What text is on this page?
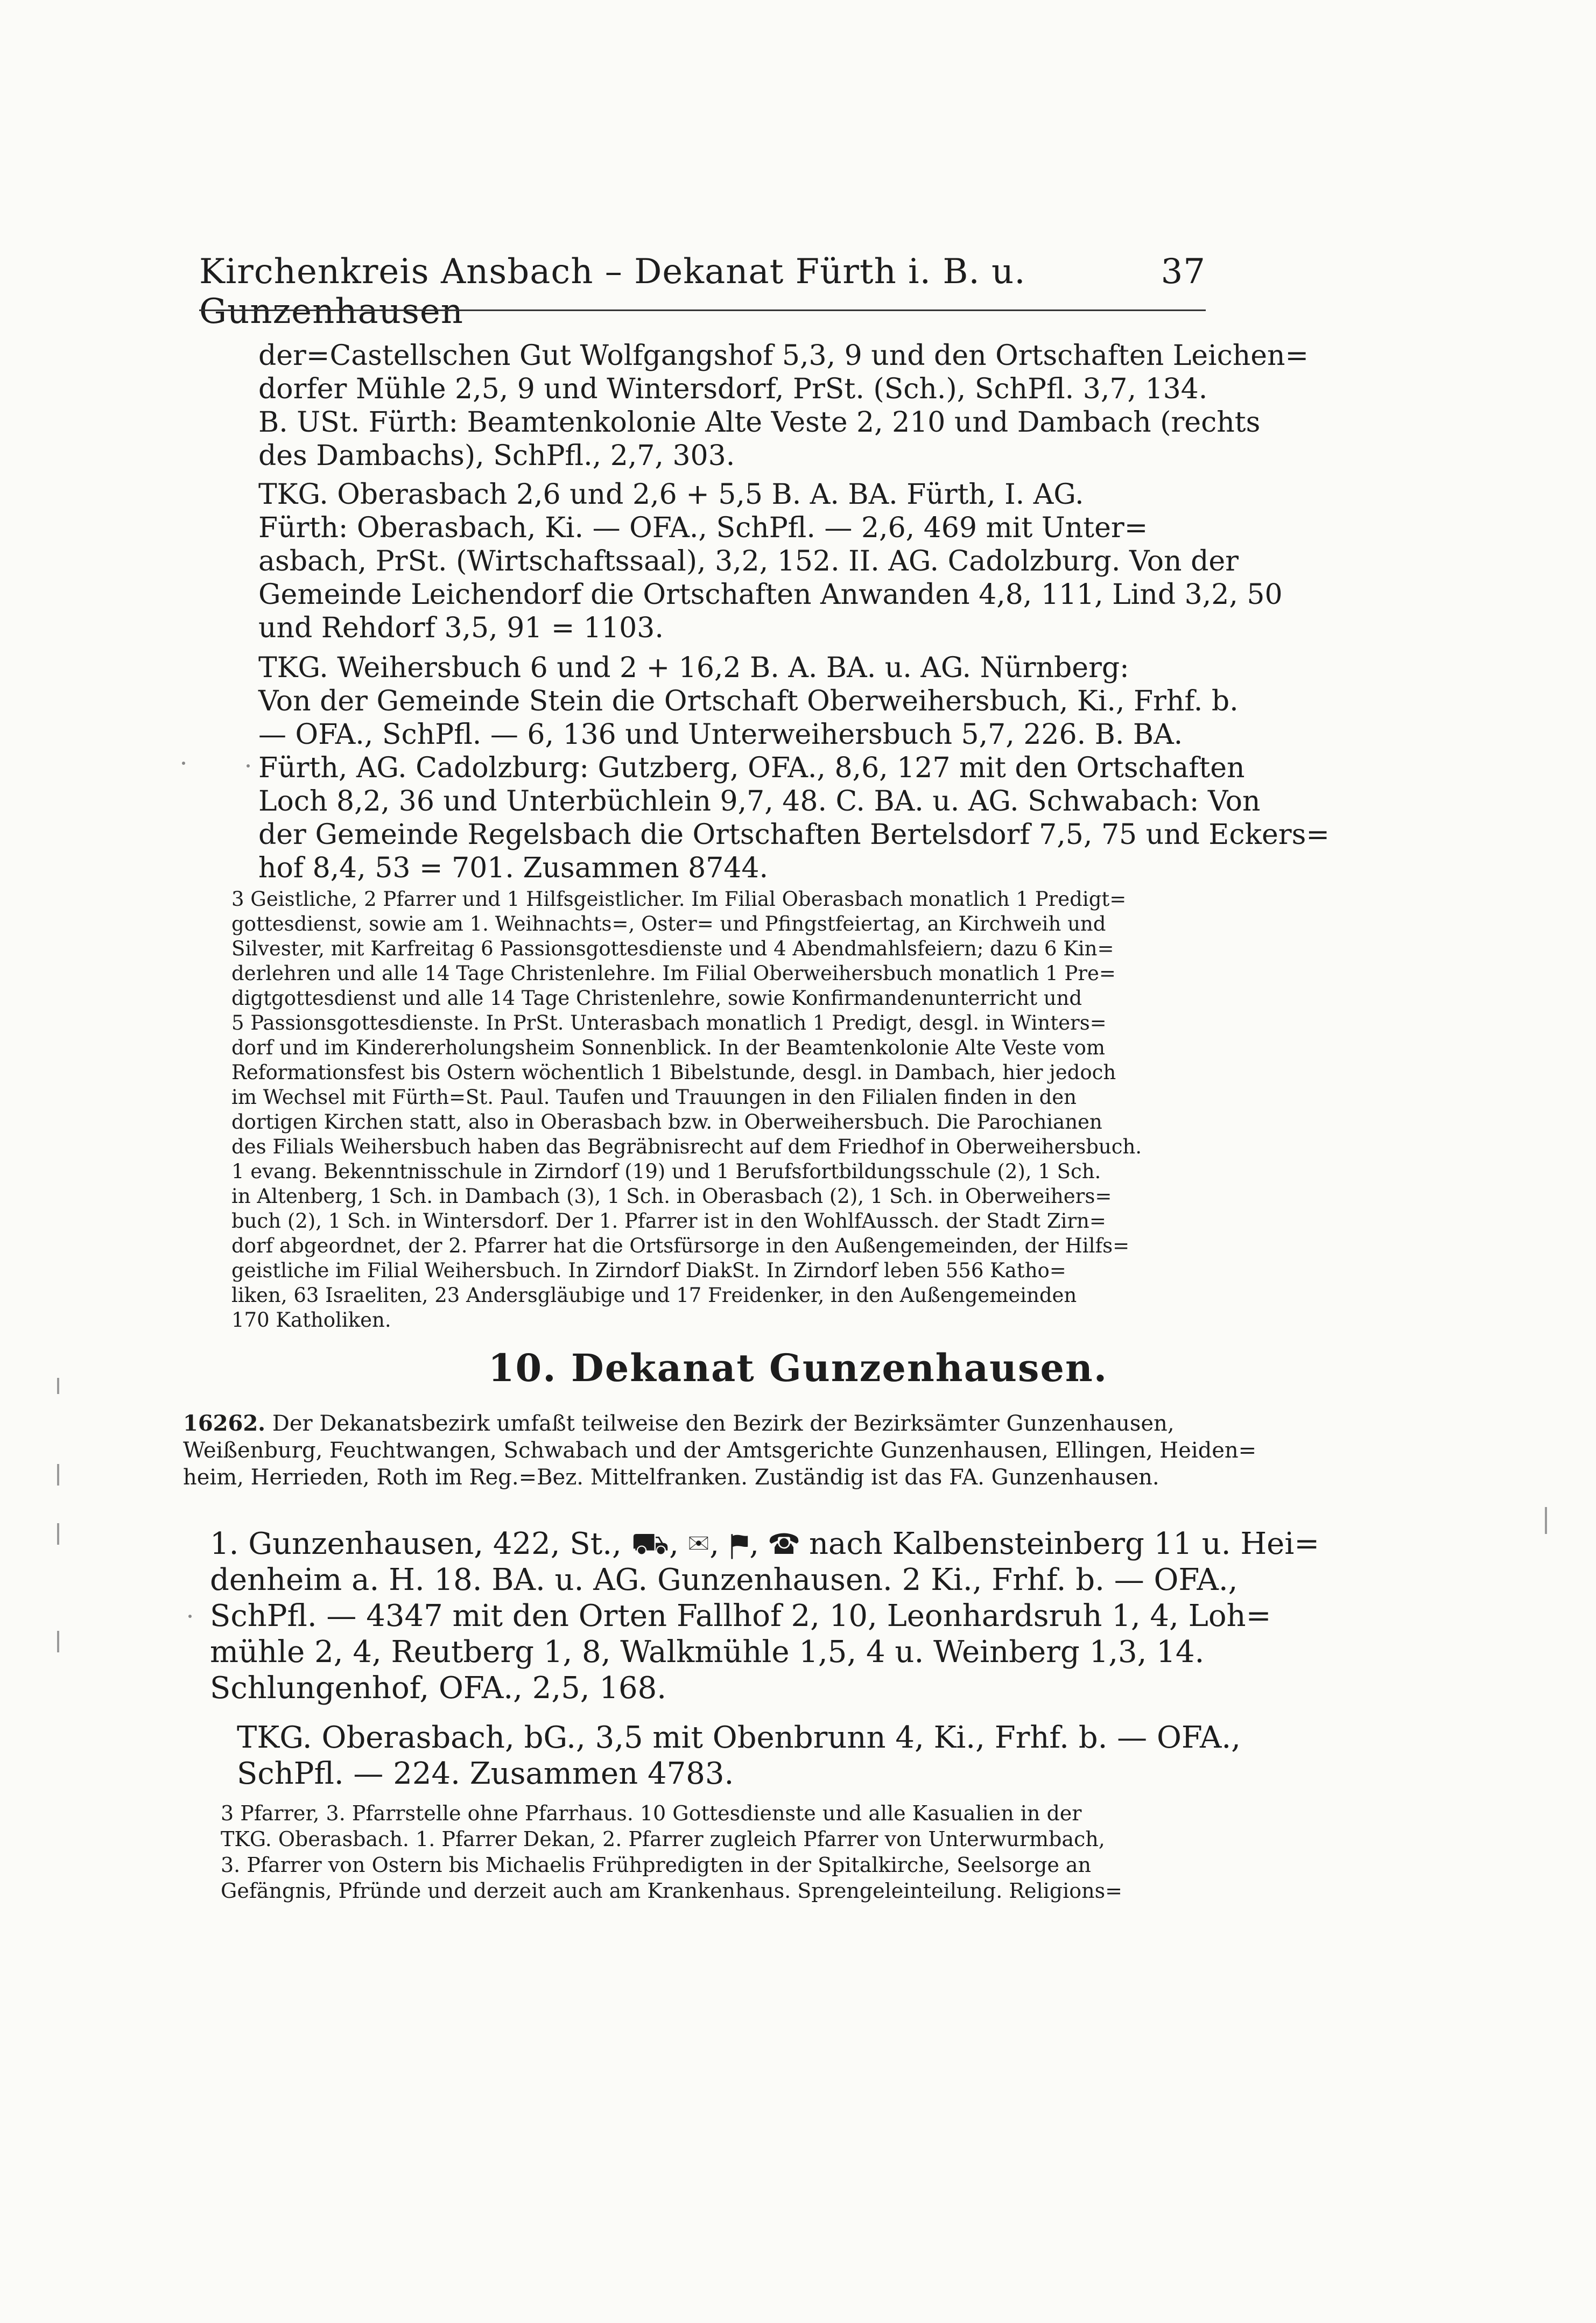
Kirchenkreis Ansbach – Dekanat Fürth i. B. u. Gunzenhausen
37
der=Castellschen Gut Wolfgangshof 5,3, 9 und den Ortschaften Leichen=
dorfer Mühle 2,5, 9 und Wintersdorf, PrSt. (Sch.), SchPfl. 3,7, 134.
B. USt. Fürth: Beamtenkolonie Alte Veste 2, 210 und Dambach (rechts
des Dambachs), SchPfl., 2,7, 303.
TKG. Oberasbach 2,6 und 2,6 + 5,5 B. A. BA. Fürth, I. AG.
Fürth: Oberasbach, Ki. — OFA., SchPfl. — 2,6, 469 mit Unter=
asbach, PrSt. (Wirtschaftssaal), 3,2, 152. II. AG. Cadolzburg. Von der
Gemeinde Leichendorf die Ortschaften Anwanden 4,8, 111, Lind 3,2, 50
und Rehdorf 3,5, 91 = 1103.
TKG. Weihersbuch 6 und 2 + 16,2 B. A. BA. u. AG. Nürnberg:
Von der Gemeinde Stein die Ortschaft Oberweihersbuch, Ki., Frhf. b.
— OFA., SchPfl. — 6, 136 und Unterweihersbuch 5,7, 226. B. BA.
Fürth, AG. Cadolzburg: Gutzberg, OFA., 8,6, 127 mit den Ortschaften
Loch 8,2, 36 und Unterbüchlein 9,7, 48. C. BA. u. AG. Schwabach: Von
der Gemeinde Regelsbach die Ortschaften Bertelsdorf 7,5, 75 und Eckers=
hof 8,4, 53 = 701. Zusammen 8744.
3 Geistliche, 2 Pfarrer und 1 Hilfsgeistlicher. Im Filial Oberasbach monatlich 1 Predigt=
gottesdienst, sowie am 1. Weihnachts=, Oster= und Pfingstfeiertag, an Kirchweih und
Silvester, mit Karfreitag 6 Passionsgottesdienste und 4 Abendmahlsfeiern; dazu 6 Kin=
derlehren und alle 14 Tage Christenlehre. Im Filial Oberweihersbuch monatlich 1 Pre=
digtgottesdienst und alle 14 Tage Christenlehre, sowie Konfirmandenunterricht und
5 Passionsgottesdienste. In PrSt. Unterasbach monatlich 1 Predigt, desgl. in Winters=
dorf und im Kindererholungsheim Sonnenblick. In der Beamtenkolonie Alte Veste vom
Reformationsfest bis Ostern wöchentlich 1 Bibelstunde, desgl. in Dambach, hier jedoch
im Wechsel mit Fürth=St. Paul. Taufen und Trauungen in den Filialen finden in den
dortigen Kirchen statt, also in Oberasbach bzw. in Oberweihersbuch. Die Parochianen
des Filials Weihersbuch haben das Begräbnisrecht auf dem Friedhof in Oberweihersbuch.
1 evang. Bekenntnisschule in Zirndorf (19) und 1 Berufsfortbildungsschule (2), 1 Sch.
in Altenberg, 1 Sch. in Dambach (3), 1 Sch. in Oberasbach (2), 1 Sch. in Oberweihers=
buch (2), 1 Sch. in Wintersdorf. Der 1. Pfarrer ist in den WohlfAussch. der Stadt Zirn=
dorf abgeordnet, der 2. Pfarrer hat die Ortsfürsorge in den Außengemeinden, der Hilfs=
geistliche im Filial Weihersbuch. In Zirndorf DiakSt. In Zirndorf leben 556 Katho=
liken, 63 Israeliten, 23 Andersgläubige und 17 Freidenker, in den Außengemeinden
170 Katholiken.
10. Dekanat Gunzenhausen.
16262. Der Dekanatsbezirk umfaßt teilweise den Bezirk der Bezirksämter Gunzenhausen,
Weißenburg, Feuchtwangen, Schwabach und der Amtsgerichte Gunzenhausen, Ellingen, Heiden=
heim, Herrieden, Roth im Reg.=Bez. Mittelfranken. Zuständig ist das FA. Gunzenhausen.
1. Gunzenhausen, 422, St., ⛟, ✉, ⚑, ☎ nach Kalbensteinberg 11 u. Hei=
denheim a. H. 18. BA. u. AG. Gunzenhausen. 2 Ki., Frhf. b. — OFA.,
SchPfl. — 4347 mit den Orten Fallhof 2, 10, Leonhardsruh 1, 4, Loh=
mühle 2, 4, Reutberg 1, 8, Walkmühle 1,5, 4 u. Weinberg 1,3, 14.
Schlungenhof, OFA., 2,5, 168.
TKG. Oberasbach, bG., 3,5 mit Obenbrunn 4, Ki., Frhf. b. — OFA.,
SchPfl. — 224. Zusammen 4783.
3 Pfarrer, 3. Pfarrstelle ohne Pfarrhaus. 10 Gottesdienste und alle Kasualien in der
TKG. Oberasbach. 1. Pfarrer Dekan, 2. Pfarrer zugleich Pfarrer von Unterwurmbach,
3. Pfarrer von Ostern bis Michaelis Frühpredigten in der Spitalkirche, Seelsorge an
Gefängnis, Pfründe und derzeit auch am Krankenhaus. Sprengeleinteilung. Religions=
